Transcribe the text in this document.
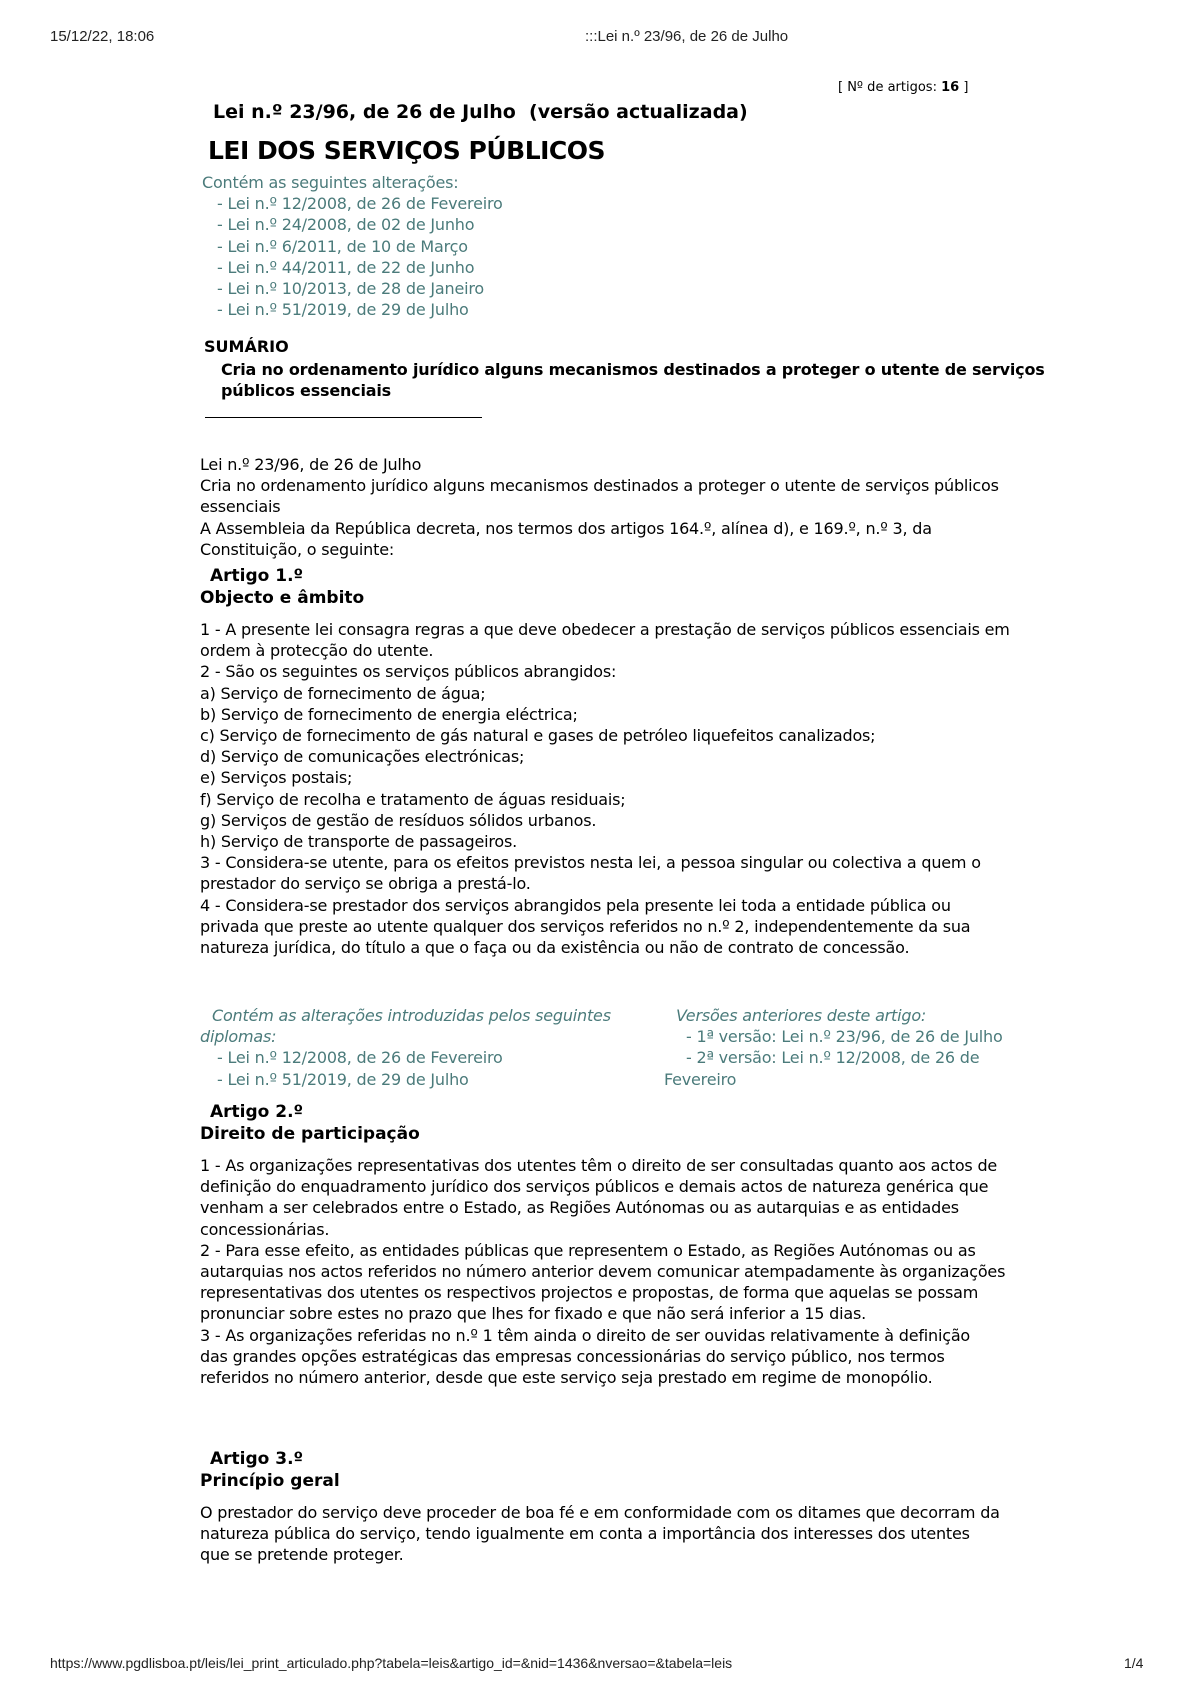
15/12/22, 18:06	:::Lei n.º 23/96, de 26 de Julho
[ Nº de artigos: 16 ]
Lei n.º 23/96, de 26 de Julho  (versão actualizada)
LEI DOS SERVIÇOS PÚBLICOS
Contém as seguintes alterações:
- Lei n.º 12/2008, de 26 de Fevereiro
- Lei n.º 24/2008, de 02 de Junho
- Lei n.º 6/2011, de 10 de Março
- Lei n.º 44/2011, de 22 de Junho
- Lei n.º 10/2013, de 28 de Janeiro
- Lei n.º 51/2019, de 29 de Julho
SUMÁRIO
Cria no ordenamento jurídico alguns mecanismos destinados a proteger o utente de serviços
públicos essenciais
Lei n.º 23/96, de 26 de Julho
Cria no ordenamento jurídico alguns mecanismos destinados a proteger o utente de serviços públicos
essenciais
A Assembleia da República decreta, nos termos dos artigos 164.º, alínea d), e 169.º, n.º 3, da
Constituição, o seguinte:
Artigo 1.º
Objecto e âmbito
1 - A presente lei consagra regras a que deve obedecer a prestação de serviços públicos essenciais em
ordem à protecção do utente.
2 - São os seguintes os serviços públicos abrangidos:
a) Serviço de fornecimento de água;
b) Serviço de fornecimento de energia eléctrica;
c) Serviço de fornecimento de gás natural e gases de petróleo liquefeitos canalizados;
d) Serviço de comunicações electrónicas;
e) Serviços postais;
f) Serviço de recolha e tratamento de águas residuais;
g) Serviços de gestão de resíduos sólidos urbanos.
h) Serviço de transporte de passageiros.
3 - Considera-se utente, para os efeitos previstos nesta lei, a pessoa singular ou colectiva a quem o
prestador do serviço se obriga a prestá-lo.
4 - Considera-se prestador dos serviços abrangidos pela presente lei toda a entidade pública ou
privada que preste ao utente qualquer dos serviços referidos no n.º 2, independentemente da sua
natureza jurídica, do título a que o faça ou da existência ou não de contrato de concessão.
Contém as alterações introduzidas pelos seguintes
diplomas:
- Lei n.º 12/2008, de 26 de Fevereiro
- Lei n.º 51/2019, de 29 de Julho
Versões anteriores deste artigo:
- 1ª versão: Lei n.º 23/96, de 26 de Julho
- 2ª versão: Lei n.º 12/2008, de 26 de
Fevereiro
Artigo 2.º
Direito de participação
1 - As organizações representativas dos utentes têm o direito de ser consultadas quanto aos actos de
definição do enquadramento jurídico dos serviços públicos e demais actos de natureza genérica que
venham a ser celebrados entre o Estado, as Regiões Autónomas ou as autarquias e as entidades
concessionárias.
2 - Para esse efeito, as entidades públicas que representem o Estado, as Regiões Autónomas ou as
autarquias nos actos referidos no número anterior devem comunicar atempadamente às organizações
representativas dos utentes os respectivos projectos e propostas, de forma que aquelas se possam
pronunciar sobre estes no prazo que lhes for fixado e que não será inferior a 15 dias.
3 - As organizações referidas no n.º 1 têm ainda o direito de ser ouvidas relativamente à definição
das grandes opções estratégicas das empresas concessionárias do serviço público, nos termos
referidos no número anterior, desde que este serviço seja prestado em regime de monopólio.
Artigo 3.º
Princípio geral
O prestador do serviço deve proceder de boa fé e em conformidade com os ditames que decorram da
natureza pública do serviço, tendo igualmente em conta a importância dos interesses dos utentes
que se pretende proteger.
https://www.pgdlisboa.pt/leis/lei_print_articulado.php?tabela=leis&artigo_id=&nid=1436&nversao=&tabela=leis	1/4
